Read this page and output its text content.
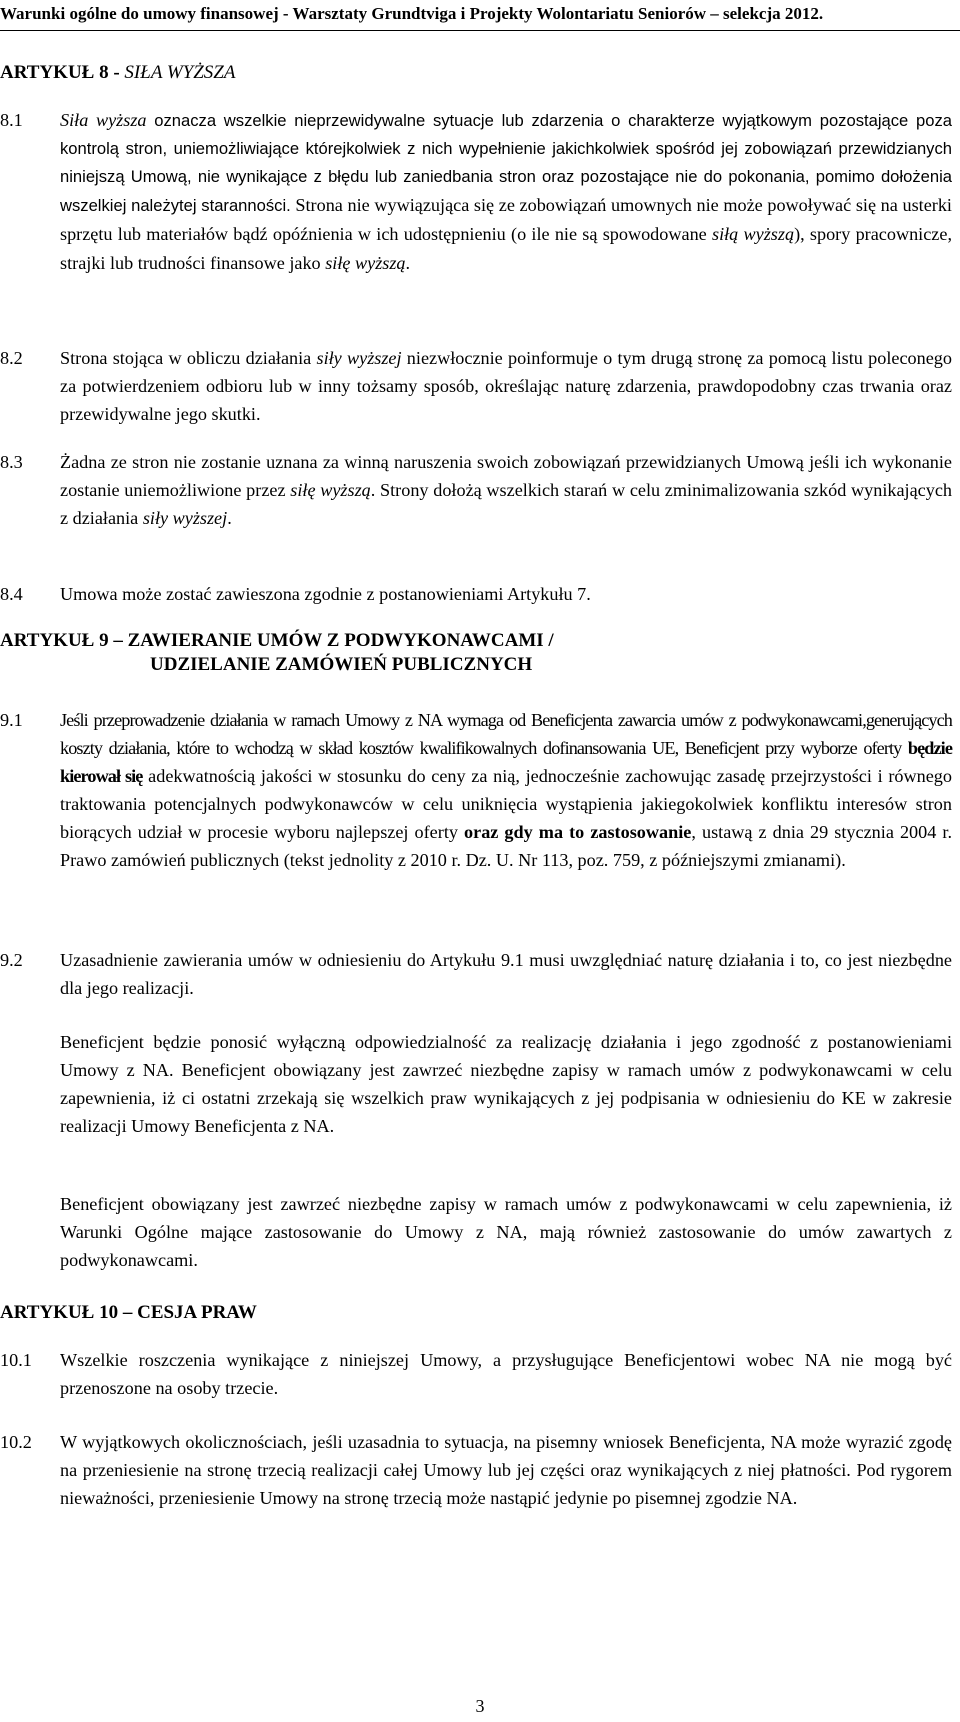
Warunki ogólne do umowy finansowej - Warsztaty Grundtviga i Projekty Wolontariatu Seniorów – selekcja 2012.
ARTYKUŁ 8 - SIŁA WYŻSZA
8.1 Siła wyższa oznacza wszelkie nieprzewidywalne sytuacje lub zdarzenia o charakterze wyjątkowym pozostające poza kontrolą stron, uniemożliwiające którejkolwiek z nich wypełnienie jakichkolwiek spośród jej zobowiązań przewidzianych niniejszą Umową, nie wynikające z błędu lub zaniedbania stron oraz pozostające nie do pokonania, pomimo dołożenia wszelkiej należytej staranności. Strona nie wywiązująca się ze zobowiązań umownych nie może powoływać się na usterki sprzętu lub materiałów bądź opóźnienia w ich udostępnieniu (o ile nie są spowodowane siłą wyższą), spory pracownicze, strajki lub trudności finansowe jako siłę wyższą.
8.2 Strona stojąca w obliczu działania siły wyższej niezwłocznie poinformuje o tym drugą stronę za pomocą listu poleconego za potwierdzeniem odbioru lub w inny tożsamy sposób, określając naturę zdarzenia, prawdopodobny czas trwania oraz przewidywalne jego skutki.
8.3 Żadna ze stron nie zostanie uznana za winną naruszenia swoich zobowiązań przewidzianych Umową jeśli ich wykonanie zostanie uniemożliwione przez siłę wyższą. Strony dołożą wszelkich starań w celu zminimalizowania szkód wynikających z działania siły wyższej.
8.4 Umowa może zostać zawieszona zgodnie z postanowieniami Artykułu 7.
ARTYKUŁ 9 – ZAWIERANIE UMÓW Z PODWYKONAWCAMI /
UDZIELANIE ZAMÓWIEŃ PUBLICZNYCH
9.1 Jeśli przeprowadzenie działania w ramach Umowy z NA wymaga od Beneficjenta zawarcia umów z podwykonawcami,generujących koszty działania, które to wchodzą w skład kosztów kwalifikowalnych dofinansowania UE, Beneficjent przy wyborze oferty będzie kierował się adekwatnością jakości w stosunku do ceny za nią, jednocześnie zachowując zasadę przejrzystości i równego traktowania potencjalnych podwykonawców w celu uniknięcia wystąpienia jakiegokolwiek konfliktu interesów stron biorących udział w procesie wyboru najlepszej oferty oraz gdy ma to zastosowanie, ustawą z dnia 29 stycznia 2004 r. Prawo zamówień publicznych (tekst jednolity z 2010 r. Dz. U. Nr 113, poz. 759, z późniejszymi zmianami).
9.2 Uzasadnienie zawierania umów w odniesieniu do Artykułu 9.1 musi uwzględniać naturę działania i to, co jest niezbędne dla jego realizacji.
Beneficjent będzie ponosić wyłączną odpowiedzialność za realizację działania i jego zgodność z postanowieniami Umowy z NA. Beneficjent obowiązany jest zawrzeć niezbędne zapisy w ramach umów z podwykonawcami w celu zapewnienia, iż ci ostatni zrzekają się wszelkich praw wynikających z jej podpisania w odniesieniu do KE w zakresie realizacji Umowy Beneficjenta z NA.
Beneficjent obowiązany jest zawrzeć niezbędne zapisy w ramach umów z podwykonawcami w celu zapewnienia, iż Warunki Ogólne mające zastosowanie do Umowy z NA, mają również zastosowanie do umów zawartych z podwykonawcami.
ARTYKUŁ 10 – CESJA PRAW
10.1 Wszelkie roszczenia wynikające z niniejszej Umowy, a przysługujące Beneficjentowi wobec NA nie mogą być przenoszone na osoby trzecie.
10.2 W wyjątkowych okolicznościach, jeśli uzasadnia to sytuacja, na pisemny wniosek Beneficjenta, NA może wyrazić zgodę na przeniesienie na stronę trzecią realizacji całej Umowy lub jej części oraz wynikających z niej płatności. Pod rygorem nieważności, przeniesienie Umowy na stronę trzecią może nastąpić jedynie po pisemnej zgodzie NA.
3
